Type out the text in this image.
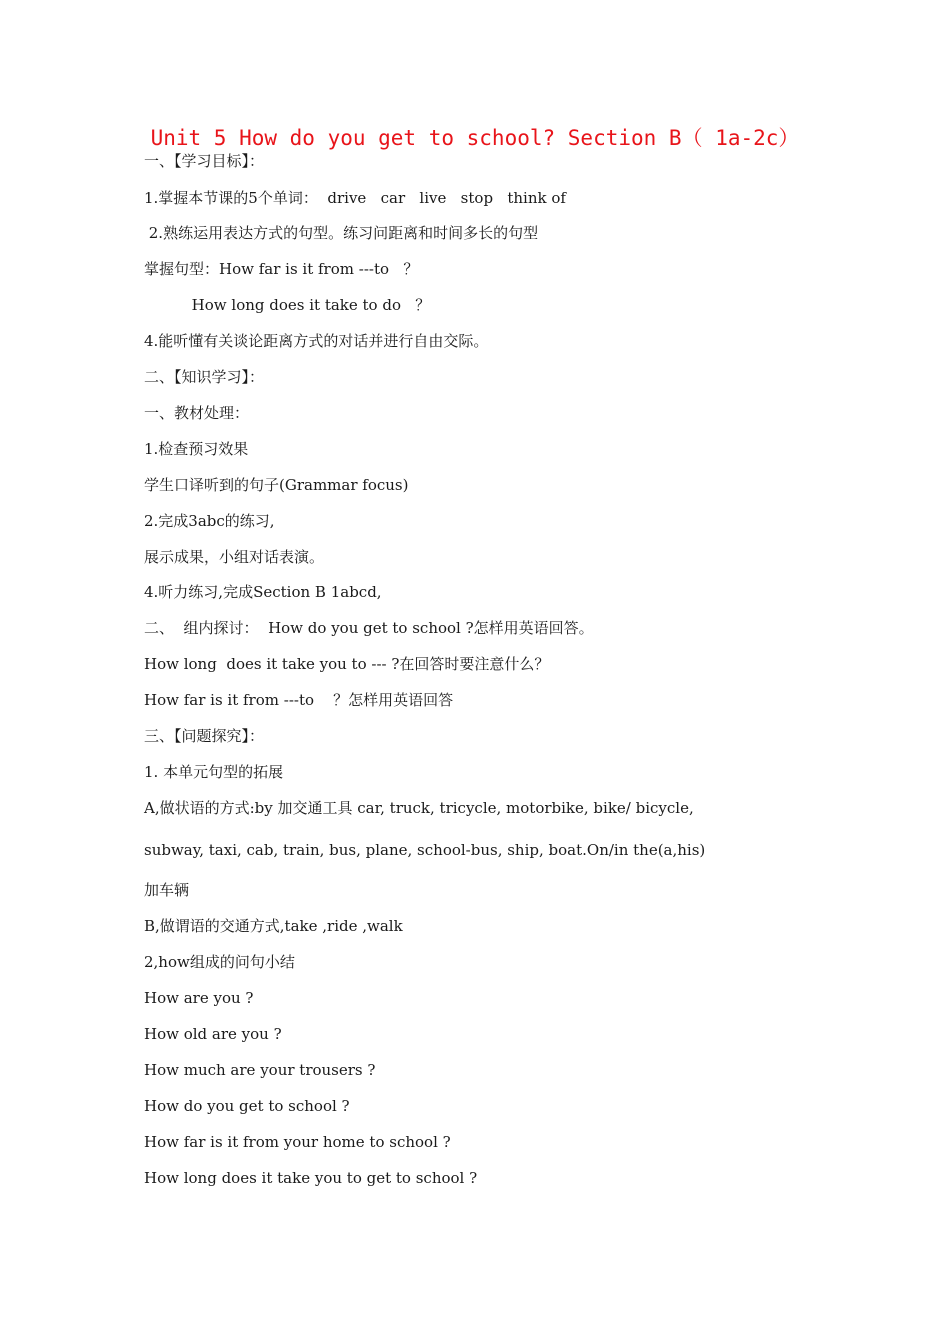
Unit 5 How do you get to school? Section B（ 1a-2c）
一、【学习目标】：
1.掌握本节课的5个单词：  drive   car   live   stop   think of
2.熟练运用表达方式的句型。练习问距离和时间多长的句型
掌握句型：How far is it from ---to   ？
How long does it take to do   ？
4.能听懂有关谈论距离方式的对话并进行自由交际。
二、【知识学习】：
一、教材处理：
1.检查预习效果
学生口译听到的句子(Grammar focus)
2.完成3abc的练习,
展示成果，小组对话表演。
4.听力练习,完成Section B 1abcd,
二、  组内探讨：  How do you get to school ?怎样用英语回答。
How long  does it take you to --- ?在回答时要注意什么？
How far is it from ---to    ？怎样用英语回答
三、【问题探究】：
1. 本单元句型的拓展
A,做状语的方式:by 加交通工具 car, truck, tricycle, motorbike, bike/ bicycle,
subway, taxi, cab, train, bus, plane, school-bus, ship, boat.On/in the(a,his)
加车辆
B,做谓语的交通方式,take ,ride ,walk
2,how组成的问句小结
How are you ?
How old are you ?
How much are your trousers ?
How do you get to school ?
How far is it from your home to school ?
How long does it take you to get to school ?
